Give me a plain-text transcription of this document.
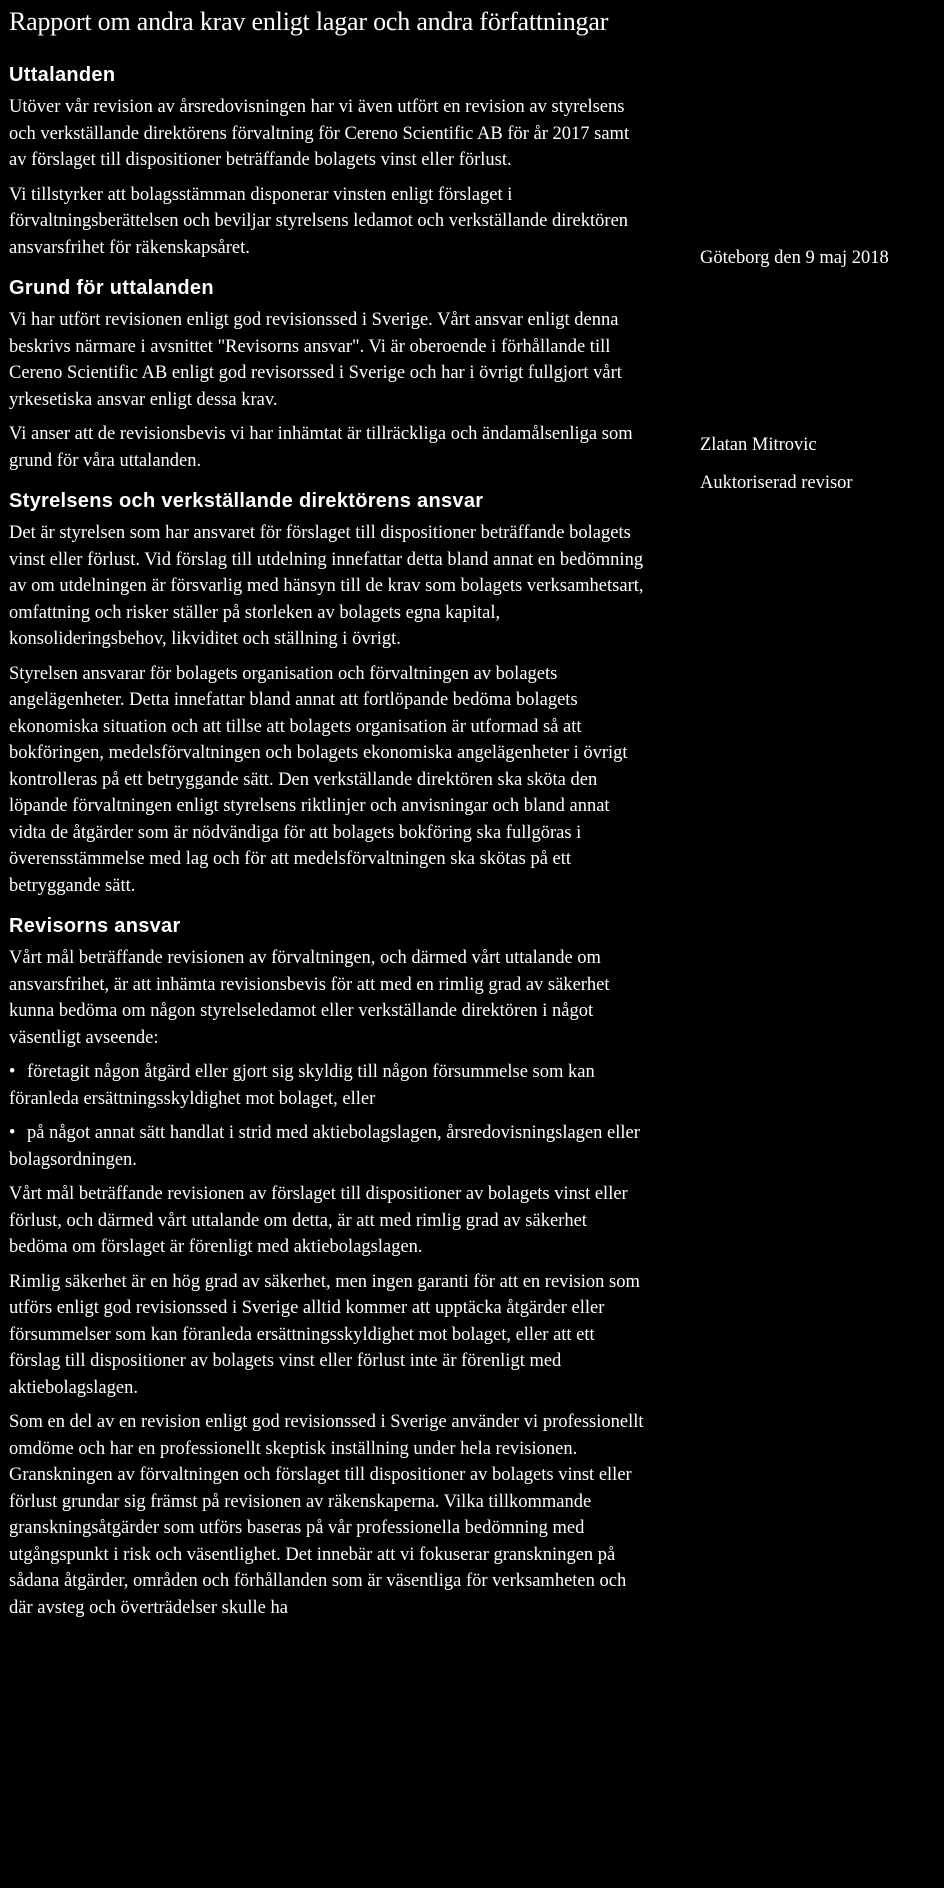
Rapport om andra krav enligt lagar och andra författningar
Uttalanden

Utöver vår revision av årsredovisningen har vi även utfört en revision av styrelsens och verkställande direktörens förvaltning för Cereno Scientific AB för år 2017 samt av förslaget till dispositioner beträffande bolagets vinst eller förlust.

Vi tillstyrker att bolagsstämman disponerar vinsten enligt förslaget i förvaltningsberättelsen och beviljar styrelsens ledamot och verkställande direktören ansvarsfrihet för räkenskapsåret.

Grund för uttalanden

Vi har utfört revisionen enligt god revisionssed i Sverige. Vårt ansvar enligt denna beskrivs närmare i avsnittet "Revisorns ansvar". Vi är oberoende i förhållande till Cereno Scientific AB enligt god revisorssed i Sverige och har i övrigt fullgjort vårt yrkesetiska ansvar enligt dessa krav.

Vi anser att de revisionsbevis vi har inhämtat är tillräckliga och ändamålsenliga som grund för våra uttalanden.

Styrelsens och verkställande direktörens ansvar

Det är styrelsen som har ansvaret för förslaget till dispositioner beträffande bolagets vinst eller förlust. Vid förslag till utdelning innefattar detta bland annat en bedömning av om utdelningen är försvarlig med hänsyn till de krav som bolagets verksamhetsart, omfattning och risker ställer på storleken av bolagets egna kapital, konsolideringsbehov, likviditet och ställning i övrigt.

Styrelsen ansvarar för bolagets organisation och förvaltningen av bolagets angelägenheter. Detta innefattar bland annat att fortlöpande bedöma bolagets ekonomiska situation och att tillse att bolagets organisation är utformad så att bokföringen, medelsförvaltningen och bolagets ekonomiska angelägenheter i övrigt kontrolleras på ett betryggande sätt. Den verkställande direktören ska sköta den löpande förvaltningen enligt styrelsens riktlinjer och anvisningar och bland annat vidta de åtgärder som är nödvändiga för att bolagets bokföring ska fullgöras i överensstämmelse med lag och för att medelsförvaltningen ska skötas på ett betryggande sätt.

Revisorns ansvar

Vårt mål beträffande revisionen av förvaltningen, och därmed vårt uttalande om ansvarsfrihet, är att inhämta revisionsbevis för att med en rimlig grad av säkerhet kunna bedöma om någon styrelseledamot eller verkställande direktören i något väsentligt avseende:

• företagit någon åtgärd eller gjort sig skyldig till någon försummelse som kan föranleda ersättningsskyldighet mot bolaget, eller
• på något annat sätt handlat i strid med aktiebolagslagen, årsredovisningslagen eller bolagsordningen.

Vårt mål beträffande revisionen av förslaget till dispositioner av bolagets vinst eller förlust, och därmed vårt uttalande om detta, är att med rimlig grad av säkerhet bedöma om förslaget är förenligt med aktiebolagslagen.

Rimlig säkerhet är en hög grad av säkerhet, men ingen garanti för att en revision som utförs enligt god revisionssed i Sverige alltid kommer att upptäcka åtgärder eller försummelser som kan föranleda ersättningsskyldighet mot bolaget, eller att ett förslag till dispositioner av bolagets vinst eller förlust inte är förenligt med aktiebolagslagen.

Som en del av en revision enligt god revisionssed i Sverige använder vi professionellt omdöme och har en professionellt skeptisk inställning under hela revisionen. Granskningen av förvaltningen och förslaget till dispositioner av bolagets vinst eller förlust grundar sig främst på revisionen av räkenskaperna. Vilka tillkommande granskningsåtgärder som utförs baseras på vår professionella bedömning med utgångspunkt i risk och väsentlighet. Det innebär att vi fokuserar granskningen på sådana åtgärder, områden och förhållanden som är väsentliga för verksamheten och där avsteg och överträdelser skulle ha

Göteborg den 9 maj 2018
Zlatan Mitrovic
Auktoriserad revisor
